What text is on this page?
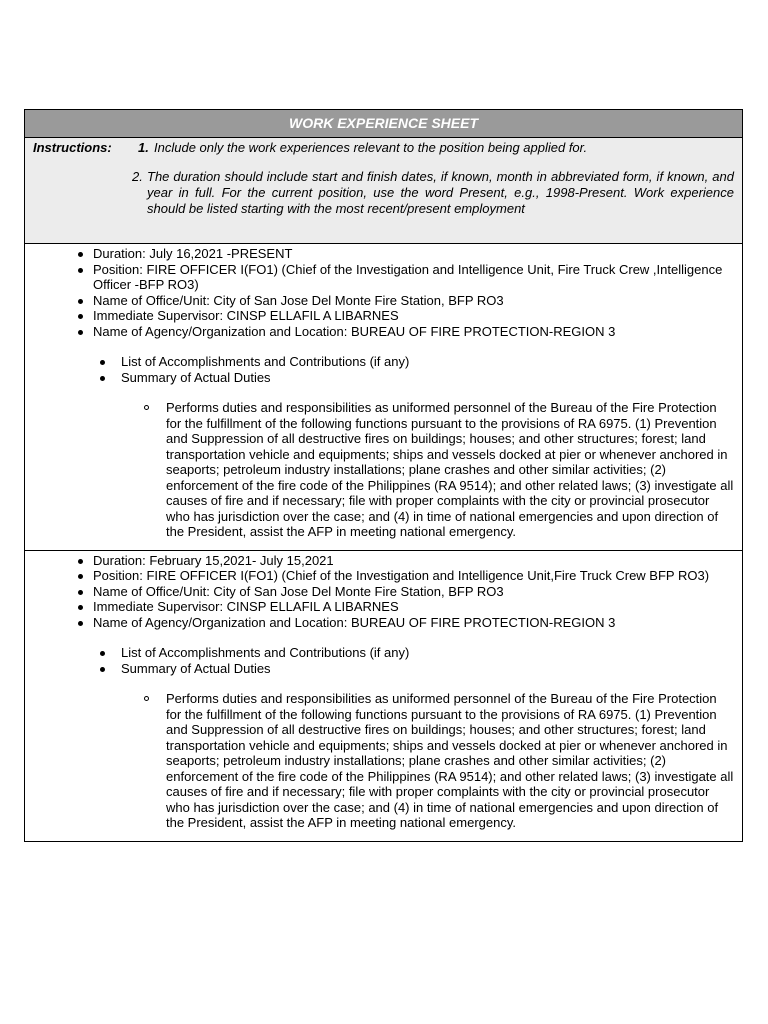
WORK EXPERIENCE SHEET
Instructions:	1. Include only the work experiences relevant to the position being applied for.
2. The duration should include start and finish dates, if known, month in abbreviated form, if known, and year in full. For the current position, use the word Present, e.g., 1998-Present. Work experience should be listed starting with the most recent/present employment
Duration: July 16,2021 -PRESENT
Position: FIRE OFFICER I(FO1) (Chief of the Investigation and Intelligence Unit, Fire Truck Crew ,Intelligence Officer -BFP RO3)
Name of Office/Unit: City of San Jose Del Monte Fire Station, BFP RO3
Immediate Supervisor: CINSP ELLAFIL A LIBARNES
Name of Agency/Organization and Location: BUREAU OF FIRE PROTECTION-REGION 3
List of Accomplishments and Contributions (if any)
Summary of Actual Duties
Performs duties and responsibilities as uniformed personnel of the Bureau of the Fire Protection for the fulfillment of the following functions pursuant to the provisions of RA 6975. (1) Prevention and Suppression of all destructive fires on buildings; houses; and other structures; forest; land transportation vehicle and equipments; ships and vessels docked at pier or whenever anchored in seaports; petroleum industry installations; plane crashes and other similar activities; (2) enforcement of the fire code of the Philippines (RA 9514); and other related laws; (3) investigate all causes of fire and if necessary; file with proper complaints with the city or provincial prosecutor who has jurisdiction over the case; and (4) in time of national emergencies and upon direction of the President, assist the AFP in meeting national emergency.
Duration: February 15,2021- July 15,2021
Position: FIRE OFFICER I(FO1) (Chief of the Investigation and Intelligence Unit,Fire Truck Crew BFP RO3)
Name of Office/Unit: City of San Jose Del Monte Fire Station, BFP RO3
Immediate Supervisor: CINSP ELLAFIL A LIBARNES
Name of Agency/Organization and Location: BUREAU OF FIRE PROTECTION-REGION 3
List of Accomplishments and Contributions (if any)
Summary of Actual Duties
Performs duties and responsibilities as uniformed personnel of the Bureau of the Fire Protection for the fulfillment of the following functions pursuant to the provisions of RA 6975. (1) Prevention and Suppression of all destructive fires on buildings; houses; and other structures; forest; land transportation vehicle and equipments; ships and vessels docked at pier or whenever anchored in seaports; petroleum industry installations; plane crashes and other similar activities; (2) enforcement of the fire code of the Philippines (RA 9514); and other related laws; (3) investigate all causes of fire and if necessary; file with proper complaints with the city or provincial prosecutor who has jurisdiction over the case; and (4) in time of national emergencies and upon direction of the President, assist the AFP in meeting national emergency.
